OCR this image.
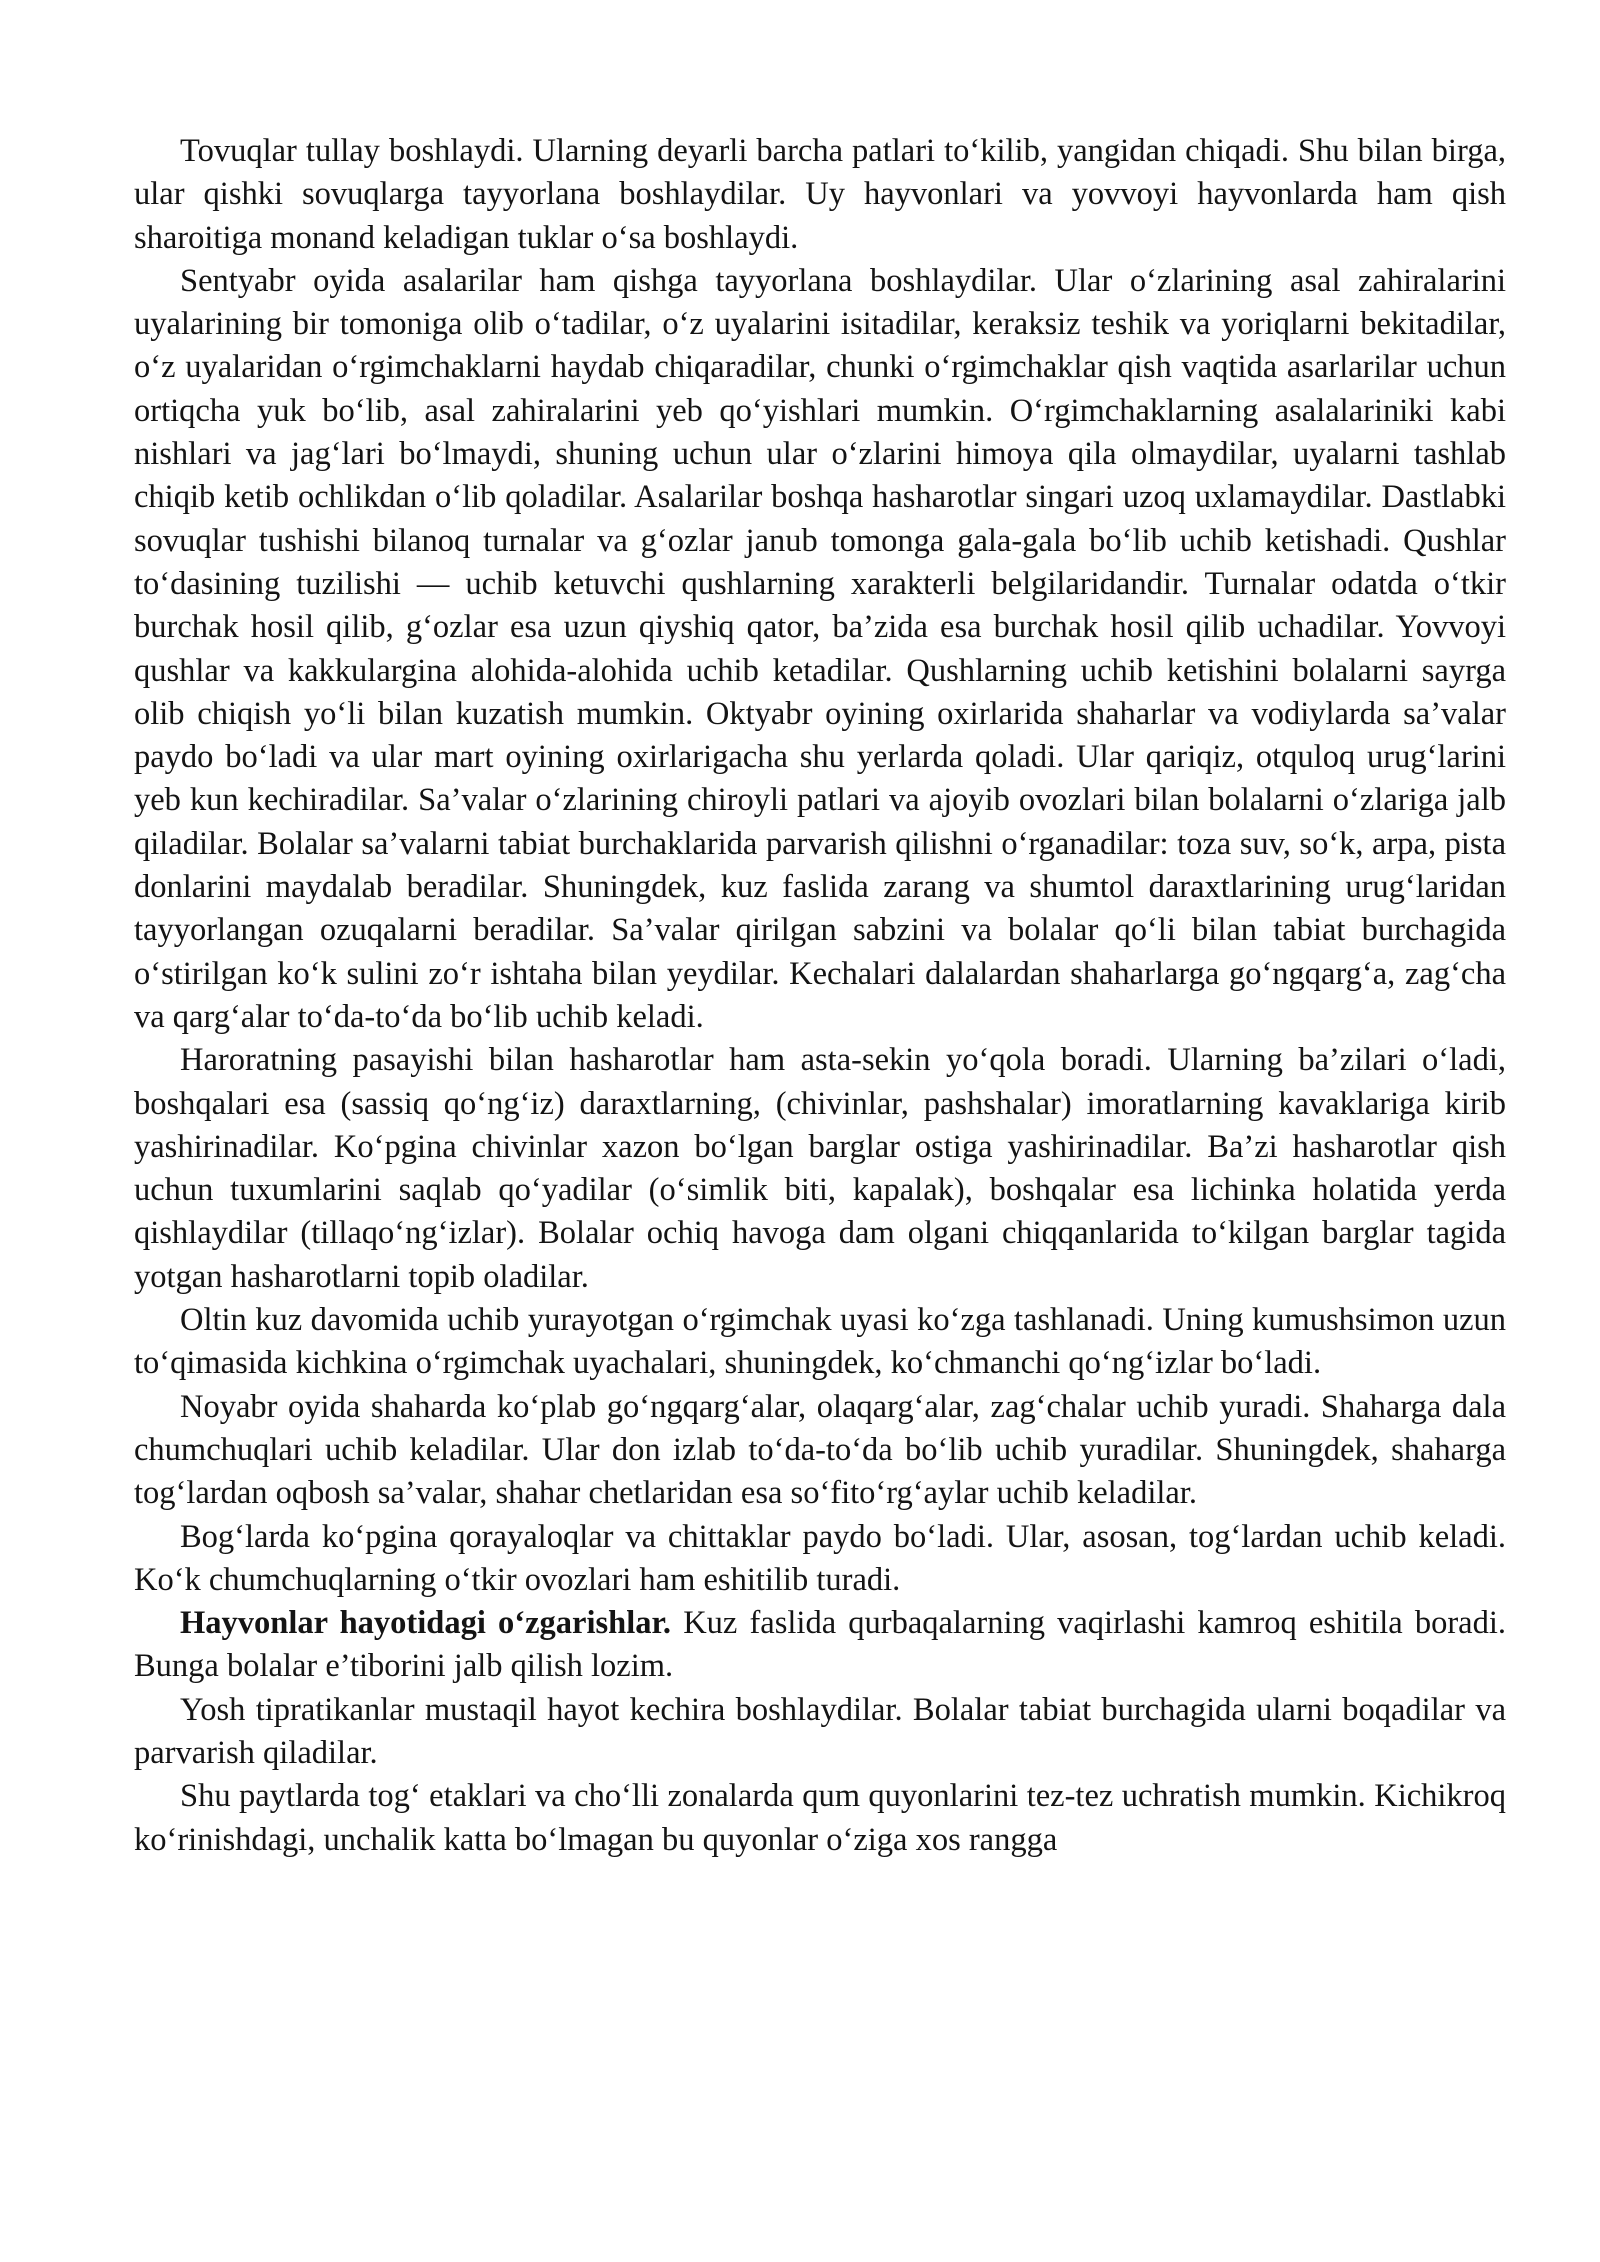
Tovuqlar tullay boshlaydi. Ularning deyarli barcha patlari to‘kilib, yangidan chiqadi. Shu bilan birga, ular qishki sovuqlarga tayyorlana boshlaydilar. Uy hayvonlari va yovvoyi hayvonlarda ham qish sharoitiga monand keladigan tuklar o‘sa boshlaydi.

Sentyabr oyida asalarilar ham qishga tayyorlana boshlaydilar. Ular o‘zlarining asal zahiralarini uyalarining bir tomoniga olib o‘tadilar, o‘z uyalarini isitadilar, keraksiz teshik va yoriqlarni bekitadilar, o‘z uyalaridan o‘rgimchaklarni haydab chiqaradilar, chunki o‘rgimchaklar qish vaqtida asarlarilar uchun ortiqcha yuk bo‘lib, asal zahiralarini yeb qo‘yishlari mumkin. O‘rgimchaklarning asalalariniki kabi nishlari va jag‘lari bo‘lmaydi, shuning uchun ular o‘zlarini himoya qila olmaydilar, uyalarni tashlab chiqib ketib ochlikdan o‘lib qoladilar. Asalarilar boshqa hasharotlar singari uzoq uxlamaydilar. Dastlabki sovuqlar tushishi bilanoq turnalar va g‘ozlar janub tomonga gala-gala bo‘lib uchib ketishadi. Qushlar to‘dasining tuzilishi — uchib ketuvchi qushlarning xarakterli belgilaridandir. Turnalar odatda o‘tkir burchak hosil qilib, g‘ozlar esa uzun qiyshiq qator, ba’zida esa burchak hosil qilib uchadilar. Yovvoyi qushlar va kakkulargina alohida-alohida uchib ketadilar. Qushlarning uchib ketishini bolalarni sayrga olib chiqish yo‘li bilan kuzatish mumkin. Oktyabr oyining oxirlarida shaharlar va vodiylarda sa’valar paydo bo‘ladi va ular mart oyining oxirlarigacha shu yerlarda qoladi. Ular qariqiz, otquloq urug‘larini yeb kun kechiradilar. Sa’valar o‘zlarining chiroyli patlari va ajoyib ovozlari bilan bolalarni o‘zlariga jalb qiladilar. Bolalar sa’valarni tabiat burchaklarida parvarish qilishni o‘rganadilar: toza suv, so‘k, arpa, pista donlarini maydalab beradilar. Shuningdek, kuz faslida zarang va shumtol daraxtlarining urug‘laridan tayyorlangan ozuqalarni beradilar. Sa’valar qirilgan sabzini va bolalar qo‘li bilan tabiat burchagida o‘stirilgan ko‘k sulini zo‘r ishtaha bilan yeydilar. Kechalari dalalardan shaharlarga go‘ngqarg‘a, zag‘cha va qarg‘alar to‘da-to‘da bo‘lib uchib keladi.

Haroratning pasayishi bilan hasharotlar ham asta-sekin yo‘qola boradi. Ularning ba’zilari o‘ladi, boshqalari esa (sassiq qo‘ng‘iz) daraxtlarning, (chivinlar, pashshalar) imoratlarning kavaklariga kirib yashirinadilar. Ko‘pgina chivinlar xazon bo‘lgan barglar ostiga yashirinadilar. Ba’zi hasharotlar qish uchun tuxumlarini saqlab qo‘yadilar (o‘simlik biti, kapalak), boshqalar esa lichinka holatida yerda qishlaydilar (tillaqo‘ng‘izlar). Bolalar ochiq havoga dam olgani chiqqanlarida to‘kilgan barglar tagida yotgan hasharotlarni topib oladilar.

Oltin kuz davomida uchib yurayotgan o‘rgimchak uyasi ko‘zga tashlanadi. Uning kumushsimon uzun to‘qimasida kichkina o‘rgimchak uyachalari, shuningdek, ko‘chmanchi qo‘ng‘izlar bo‘ladi.

Noyabr oyida shaharda ko‘plab go‘ngqarg‘alar, olaqarg‘alar, zag‘chalar uchib yuradi. Shaharga dala chumchuqlari uchib keladilar. Ular don izlab to‘da-to‘da bo‘lib uchib yuradilar. Shuningdek, shaharga tog‘lardan oqbosh sa’valar, shahar chetlaridan esa so‘fito‘rg‘aylar uchib keladilar.

Bog‘larda ko‘pgina qorayaloqlar va chittaklar paydo bo‘ladi. Ular, asosan, tog‘lardan uchib keladi. Ko‘k chumchuqlarning o‘tkir ovozlari ham eshitilib turadi.

Hayvonlar hayotidagi o‘zgarishlar. Kuz faslida qurbaqalarning vaqirlashi kamroq eshitila boradi. Bunga bolalar e’tiborini jalb qilish lozim.

Yosh tipratikanlar mustaqil hayot kechira boshlaydilar. Bolalar tabiat burchagida ularni boqadilar va parvarish qiladilar.

Shu paytlarda tog‘ etaklari va cho‘lli zonalarda qum quyonlarini tez-tez uchratish mumkin. Kichikroq ko‘rinishdagi, unchalik katta bo‘lmagan bu quyonlar o‘ziga xos rangga
